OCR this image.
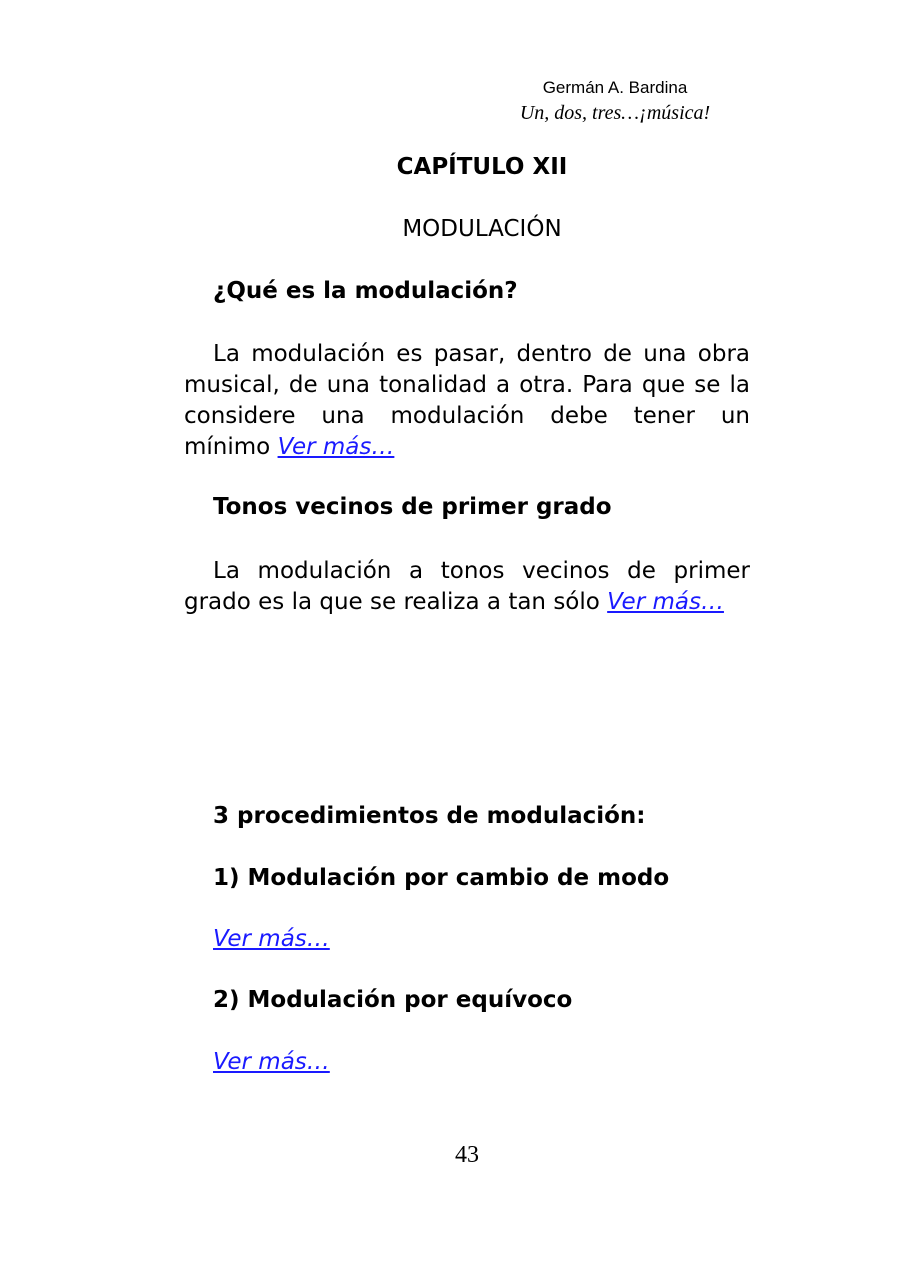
Germán A. Bardina
Un, dos, tres…¡música!
CAPÍTULO XII
MODULACIÓN
¿Qué es la modulación?
La modulación es pasar, dentro de una obra musical, de una tonalidad a otra. Para que se la considere una modulación debe tener un mínimo Ver más…
Tonos vecinos de primer grado
La modulación a tonos vecinos de primer grado es la que se realiza a tan sólo Ver más…
3 procedimientos de modulación:
1) Modulación por cambio de modo
Ver más…
2) Modulación por equívoco
Ver más…
43
